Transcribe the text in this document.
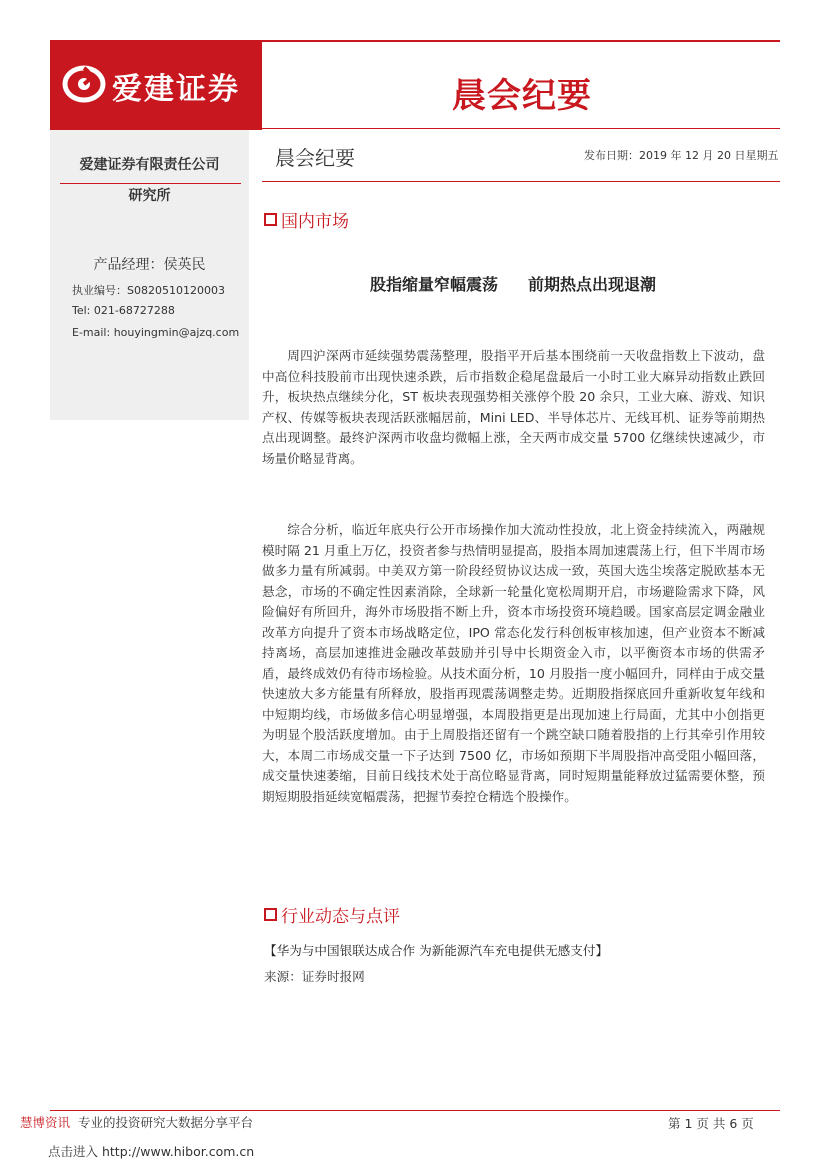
爱建证券	晨会纪要
爱建证券有限责任公司
研究所
产品经理：侯英民
执业编号：S0820510120003
Tel: 021-68727288
E-mail: houyingmin@ajzq.com
晨会纪要	发布日期：2019 年 12 月 20 日星期五
国内市场
股指缩量窄幅震荡 前期热点出现退潮
周四沪深两市延续强势震荡整理，股指平开后基本围绕前一天收盘指数上下波动，盘中高位科技股前市出现快速杀跌，后市指数企稳尾盘最后一小时工业大麻异动指数止跌回升，板块热点继续分化，ST 板块表现强势相关涨停个股 20 余只，工业大麻、游戏、知识产权、传媒等板块表现活跃涨幅居前，Mini LED、半导体芯片、无线耳机、证券等前期热点出现调整。最终沪深两市收盘均微幅上涨，全天两市成交量 5700 亿继续快速减少，市场量价略显背离。
综合分析，临近年底央行公开市场操作加大流动性投放，北上资金持续流入，两融规模时隔 21 月重上万亿，投资者参与热情明显提高，股指本周加速震荡上行，但下半周市场做多力量有所减弱。中美双方第一阶段经贸协议达成一致，英国大选尘埃落定脱欧基本无悬念，市场的不确定性因素消除，全球新一轮量化宽松周期开启，市场避险需求下降，风险偏好有所回升，海外市场股指不断上升，资本市场投资环境趋暖。国家高层定调金融业改革方向提升了资本市场战略定位，IPO 常态化发行科创板审核加速，但产业资本不断减持离场，高层加速推进金融改革鼓励并引导中长期资金入市，以平衡资本市场的供需矛盾，最终成效仍有待市场检验。从技术面分析，10 月股指一度小幅回升，同样由于成交量快速放大多方能量有所释放，股指再现震荡调整走势。近期股指探底回升重新收复年线和中短期均线，市场做多信心明显增强，本周股指更是出现加速上行局面，尤其中小创指更为明显个股活跃度增加。由于上周股指还留有一个跳空缺口随着股指的上行其牵引作用较大，本周二市场成交量一下子达到 7500 亿，市场如预期下半周股指冲高受阻小幅回落，成交量快速萎缩，目前日线技术处于高位略显背离，同时短期量能释放过猛需要休整，预期短期股指延续宽幅震荡，把握节奏控仓精选个股操作。
行业动态与点评
【华为与中国银联达成合作 为新能源汽车充电提供无感支付】
来源：证券时报网
慧博资讯 专业的投资研究大数据分享平台
点击进入 http://www.hibor.com.cn
第 1 页 共 6 页
